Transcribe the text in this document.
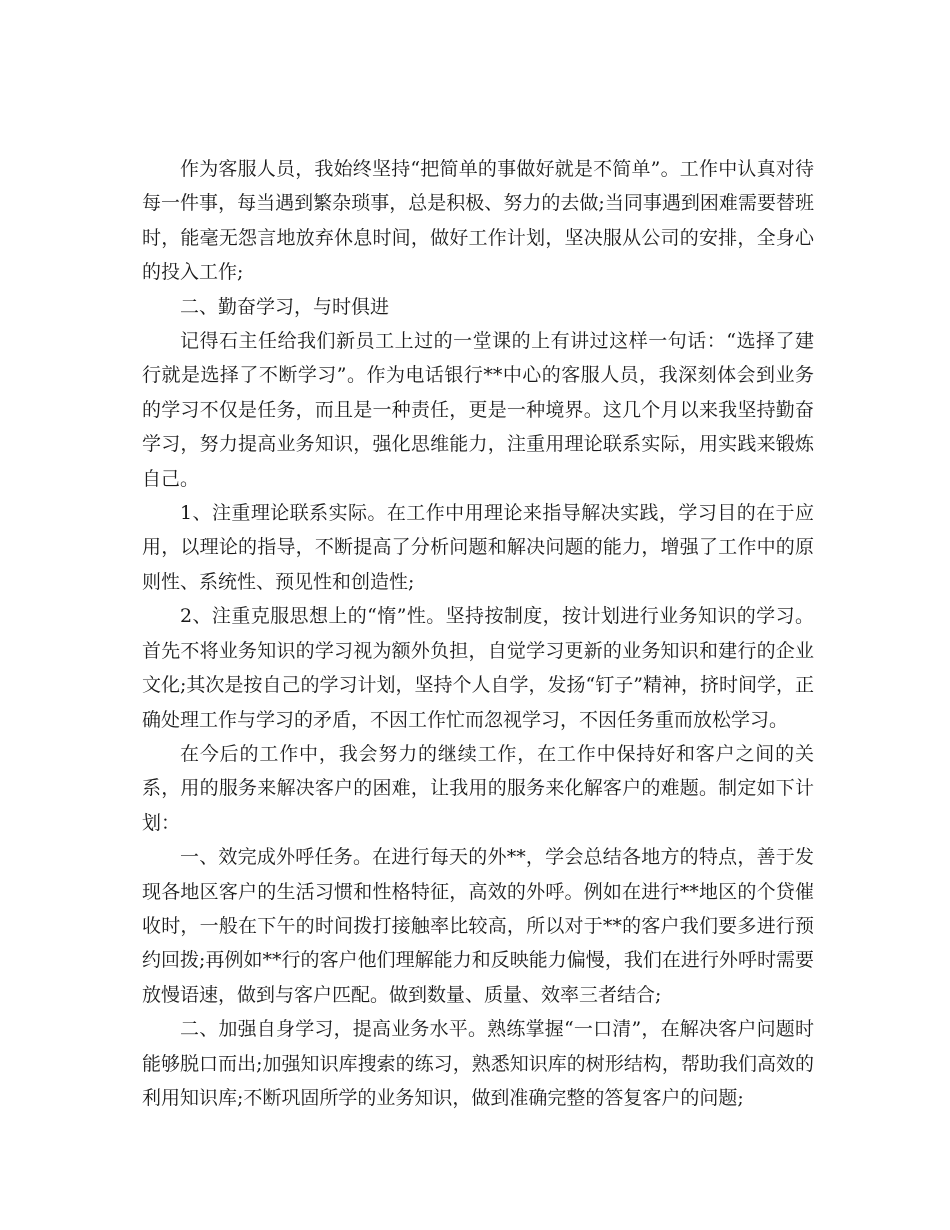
作为客服人员，我始终坚持“把简单的事做好就是不简单”。工作中认真对待每一件事，每当遇到繁杂琐事，总是积极、努力的去做;当同事遇到困难需要替班时，能毫无怨言地放弃休息时间，做好工作计划，坚决服从公司的安排，全身心的投入工作;

二、勤奋学习，与时俱进

记得石主任给我们新员工上过的一堂课的上有讲过这样一句话：“选择了建行就是选择了不断学习”。作为电话银行**中心的客服人员，我深刻体会到业务的学习不仅是任务，而且是一种责任，更是一种境界。这几个月以来我坚持勤奋学习，努力提高业务知识，强化思维能力，注重用理论联系实际，用实践来锻炼自己。

1、注重理论联系实际。在工作中用理论来指导解决实践，学习目的在于应用，以理论的指导，不断提高了分析问题和解决问题的能力，增强了工作中的原则性、系统性、预见性和创造性;

2、注重克服思想上的“惰”性。坚持按制度，按计划进行业务知识的学习。首先不将业务知识的学习视为额外负担，自觉学习更新的业务知识和建行的企业文化;其次是按自己的学习计划，坚持个人自学，发扬“钉子”精神，挤时间学，正确处理工作与学习的矛盾，不因工作忙而忽视学习，不因任务重而放松学习。

在今后的工作中，我会努力的继续工作，在工作中保持好和客户之间的关系，用的服务来解决客户的困难，让我用的服务来化解客户的难题。制定如下计划：

一、效完成外呼任务。在进行每天的外**，学会总结各地方的特点，善于发现各地区客户的生活习惯和性格特征，高效的外呼。例如在进行**地区的个贷催收时，一般在下午的时间拨打接触率比较高，所以对于**的客户我们要多进行预约回拨;再例如**行的客户他们理解能力和反映能力偏慢，我们在进行外呼时需要放慢语速，做到与客户匹配。做到数量、质量、效率三者结合;

二、加强自身学习，提高业务水平。熟练掌握“一口清”，在解决客户问题时能够脱口而出;加强知识库搜索的练习，熟悉知识库的树形结构，帮助我们高效的利用知识库;不断巩固所学的业务知识，做到准确完整的答复客户的问题;
